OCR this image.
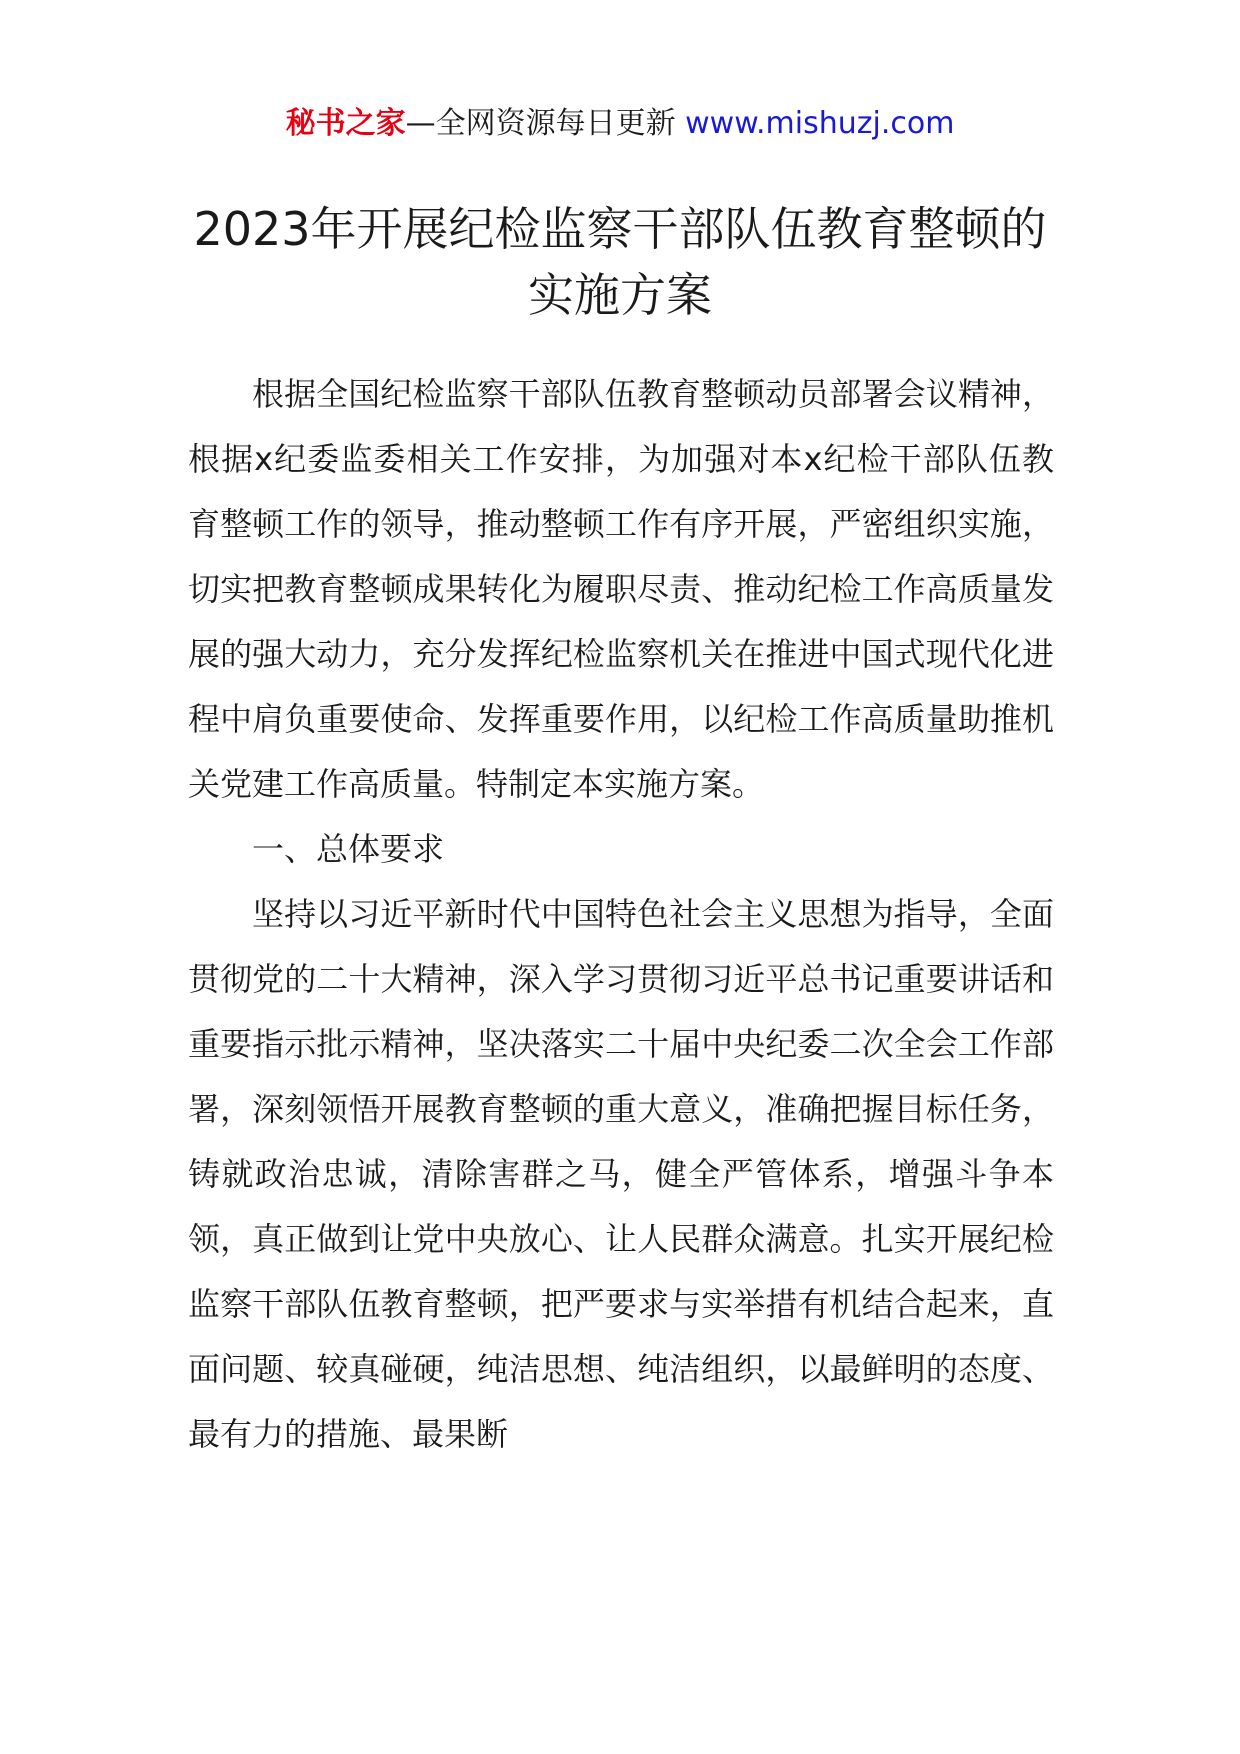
秘书之家—全网资源每日更新 www.mishuzj.com
2023年开展纪检监察干部队伍教育整顿的
实施方案

根据全国纪检监察干部队伍教育整顿动员部署会议精神，根据x纪委监委相关工作安排，为加强对本x纪检干部队伍教育整顿工作的领导，推动整顿工作有序开展，严密组织实施，切实把教育整顿成果转化为履职尽责、推动纪检工作高质量发展的强大动力，充分发挥纪检监察机关在推进中国式现代化进程中肩负重要使命、发挥重要作用，以纪检工作高质量助推机关党建工作高质量。特制定本实施方案。

一、总体要求

坚持以习近平新时代中国特色社会主义思想为指导，全面贯彻党的二十大精神，深入学习贯彻习近平总书记重要讲话和重要指示批示精神，坚决落实二十届中央纪委二次全会工作部署，深刻领悟开展教育整顿的重大意义，准确把握目标任务，铸就政治忠诚，清除害群之马，健全严管体系，增强斗争本领，真正做到让党中央放心、让人民群众满意。扎实开展纪检监察干部队伍教育整顿，把严要求与实举措有机结合起来，直面问题、较真碰硬，纯洁思想、纯洁组织，以最鲜明的态度、最有力的措施、最果断
